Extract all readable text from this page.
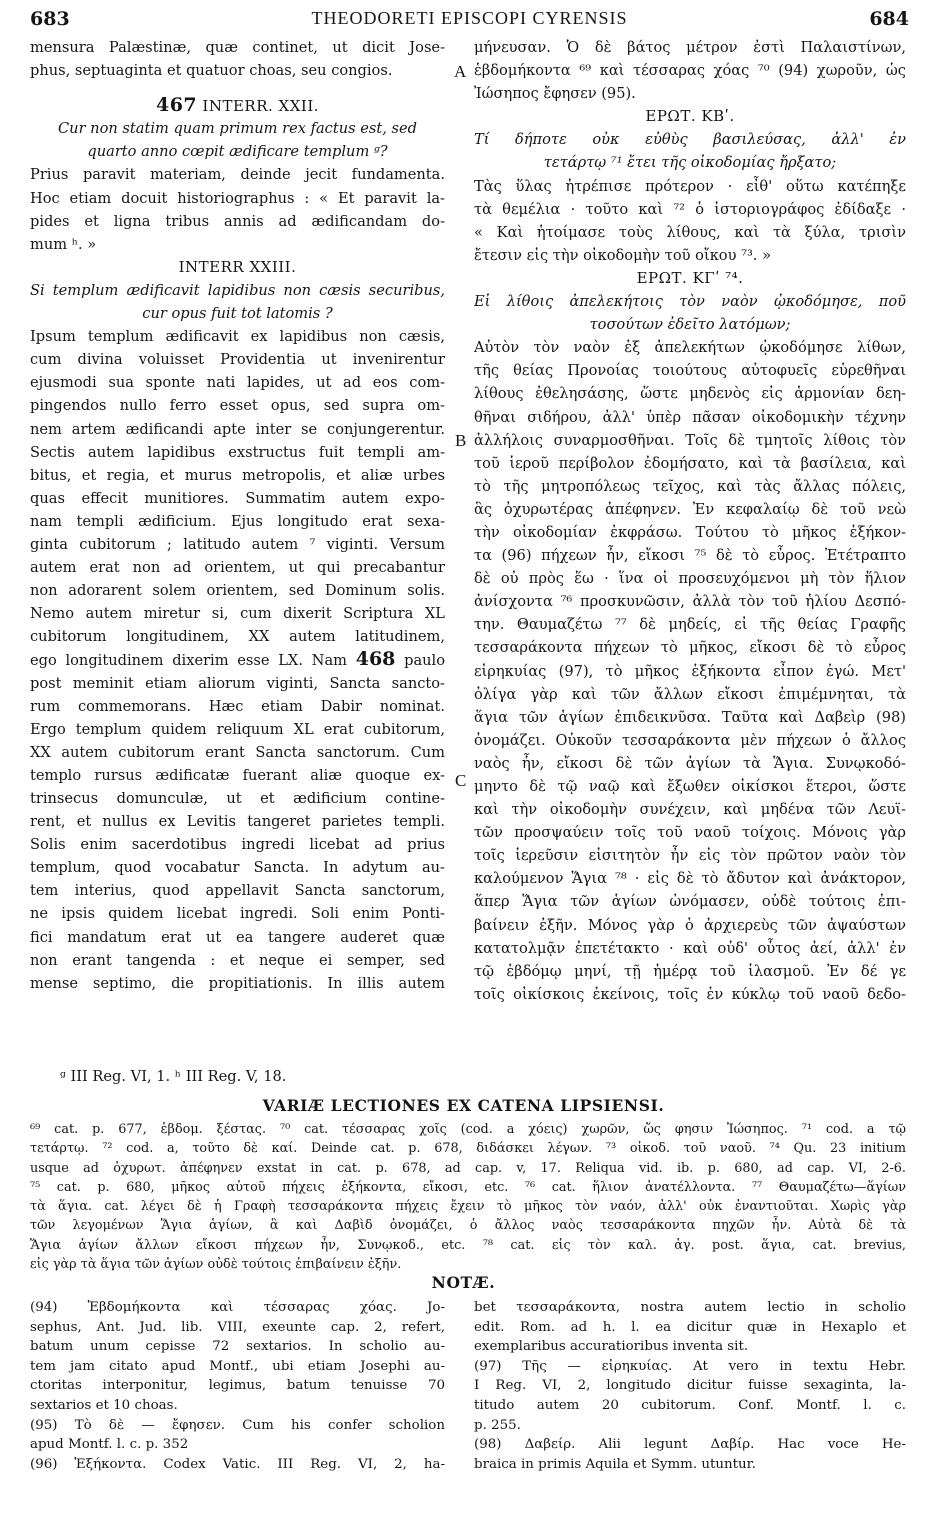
683	THEODORETI EPISCOPI CYRENSIS	684
mensura Palæstinæ, quæ continet, ut dicit Jose-
phus, septuaginta et quatuor choas, seu congios.
467 INTERR. XXII.
Cur non statim quam primum rex factus est, sed
quarto anno cœpit ædificare templum ᵍ?
Prius paravit materiam, deinde jecit fundamenta.
Hoc etiam docuit historiographus : « Et paravit la-
pides et ligna tribus annis ad ædificandam do-
mum ʰ. »
INTERR XXIII.
Si templum ædificavit lapidibus non cæsis securibus,
cur opus fuit tot latomis ?
Ipsum templum ædificavit ex lapidibus non cæsis,
cum divina voluisset Providentia ut invenirentur
ejusmodi sua sponte nati lapides, ut ad eos com-
pingendos nullo ferro esset opus, sed supra om-
nem artem ædificandi apte inter se conjungerentur.
Sectis autem lapidibus exstructus fuit templi am-
bitus, et regia, et murus metropolis, et aliæ urbes
quas effecit munitiores. Summatim autem expo-
nam templi ædificium. Ejus longitudo erat sexa-
ginta cubitorum ; latitudo autem ⁷ viginti. Versum
autem erat non ad orientem, ut qui precabantur
non adorarent solem orientem, sed Dominum solis.
Nemo autem miretur si, cum dixerit Scriptura XL
cubitorum longitudinem, XX autem latitudinem,
ego longitudinem dixerim esse LX. Nam 468 paulo
post meminit etiam aliorum viginti, Sancta sancto-
rum commemorans. Hæc etiam Dabir nominat.
Ergo templum quidem reliquum XL erat cubitorum,
XX autem cubitorum erant Sancta sanctorum. Cum
templo rursus ædificatæ fuerant aliæ quoque ex-
trinsecus domunculæ, ut et ædificium contine-
rent, et nullus ex Levitis tangeret parietes templi.
Solis enim sacerdotibus ingredi licebat ad prius
templum, quod vocabatur Sancta. In adytum au-
tem interius, quod appellavit Sancta sanctorum,
ne ipsis quidem licebat ingredi. Soli enim Ponti-
fici mandatum erat ut ea tangere auderet quæ
non erant tangenda : et neque ei semper, sed
mense septimo, die propitiationis. In illis autem
μήνευσαν. Ὁ δὲ βάτος μέτρον ἐστὶ Παλαιστίνων,
ἑβδομήκοντα ⁶⁹ καὶ τέσσαρας χόας ⁷⁰ (94) χωροῦν, ὡς
Ἰώσηπος ἔφησεν (95).
ΕΡΩΤ. ΚΒʹ.
Τί δήποτε οὐκ εὐθὺς βασιλεύσας, ἀλλ' ἐν
τετάρτῳ ⁷¹ ἔτει τῆς οἰκοδομίας ἤρξατο;
Τὰς ὕλας ἡτρέπισε πρότερον · εἶθ' οὕτω κατέπηξε
τὰ θεμέλια · τοῦτο καὶ ⁷² ὁ ἱστοριογράφος ἐδίδαξε ·
« Καὶ ἡτοίμασε τοὺς λίθους, καὶ τὰ ξύλα, τρισὶν
ἔτεσιν εἰς τὴν οἰκοδομὴν τοῦ οἴκου ⁷³. »
ΕΡΩΤ. ΚΓʹ ⁷⁴.
Εἰ λίθοις ἀπελεκήτοις τὸν ναὸν ᾠκοδόμησε, ποῦ
τοσούτων ἐδεῖτο λατόμων;
Αὐτὸν τὸν ναὸν ἐξ ἀπελεκήτων ᾠκοδόμησε λίθων,
τῆς θείας Προνοίας τοιούτους αὐτοφυεῖς εὑρεθῆναι
λίθους ἐθελησάσης, ὥστε μηδενὸς εἰς ἁρμονίαν δεη-
θῆναι σιδήρου, ἀλλ' ὑπὲρ πᾶσαν οἰκοδομικὴν τέχνην
ἀλλήλοις συναρμοσθῆναι. Τοῖς δὲ τμητοῖς λίθοις τὸν
τοῦ ἱεροῦ περίβολον ἐδομήσατο, καὶ τὰ βασίλεια, καὶ
τὸ τῆς μητροπόλεως τεῖχος, καὶ τὰς ἄλλας πόλεις,
ἃς ὀχυρωτέρας ἀπέφηνεν. Ἐν κεφαλαίῳ δὲ τοῦ νεὼ
τὴν οἰκοδομίαν ἐκφράσω. Τούτου τὸ μῆκος ἑξήκον-
τα (96) πήχεων ἦν, εἴκοσι ⁷⁵ δὲ τὸ εὖρος. Ἐτέτραπτο
δὲ οὐ πρὸς ἕω · ἵνα οἱ προσευχόμενοι μὴ τὸν ἥλιον
ἀνίσχοντα ⁷⁶ προσκυνῶσιν, ἀλλὰ τὸν τοῦ ἡλίου Δεσπό-
την. Θαυμαζέτω ⁷⁷ δὲ μηδείς, εἰ τῆς θείας Γραφῆς
τεσσαράκοντα πήχεων τὸ μῆκος, εἴκοσι δὲ τὸ εὖρος
εἰρηκυίας (97), τὸ μῆκος ἑξήκοντα εἶπον ἐγώ. Μετ'
ὀλίγα γὰρ καὶ τῶν ἄλλων εἴκοσι ἐπιμέμνηται, τὰ
ἅγια τῶν ἁγίων ἐπιδεικνῦσα. Ταῦτα καὶ Δαβεὶρ (98)
ὀνομάζει. Οὐκοῦν τεσσαράκοντα μὲν πήχεων ὁ ἄλλος
ναὸς ἦν, εἴκοσι δὲ τῶν ἁγίων τὰ Ἅγια. Συνῳκοδό-
μηντο δὲ τῷ ναῷ καὶ ἔξωθεν οἰκίσκοι ἕτεροι, ὥστε
καὶ τὴν οἰκοδομὴν συνέχειν, καὶ μηδένα τῶν Λευϊ-
τῶν προσψαύειν τοῖς τοῦ ναοῦ τοίχοις. Μόνοις γὰρ
τοῖς ἱερεῦσιν εἰσιτητὸν ἦν εἰς τὸν πρῶτον ναὸν τὸν
καλούμενον Ἅγια ⁷⁸ · εἰς δὲ τὸ ἄδυτον καὶ ἀνάκτορον,
ἅπερ Ἅγια τῶν ἁγίων ὠνόμασεν, οὐδὲ τούτοις ἐπι-
βαίνειν ἐξῆν. Μόνος γὰρ ὁ ἀρχιερεὺς τῶν ἀψαύστων
κατατολμᾷν ἐπετέτακτο · καὶ οὐδ' οὗτος ἀεί, ἀλλ' ἐν
τῷ ἑβδόμῳ μηνί, τῇ ἡμέρᾳ τοῦ ἱλασμοῦ. Ἐν δέ γε
τοῖς οἰκίσκοις ἐκείνοις, τοῖς ἐν κύκλῳ τοῦ ναοῦ δεδο-
A
B
C
ᵍ III Reg. VI, 1. ʰ III Reg. V, 18.
VARIÆ LECTIONES EX CATENA LIPSIENSI.
⁶⁹ cat. p. 677, ἑβδομ. ξέστας. ⁷⁰ cat. τέσσαρας χοῖς (cod. a χόεις) χωρῶν, ὥς φησιν Ἰώσηπος. ⁷¹ cod. a τῷ
τετάρτῳ. ⁷² cod. a, τοῦτο δὲ καί. Deinde cat. p. 678, διδάσκει λέγων. ⁷³ οἰκοδ. τοῦ ναοῦ. ⁷⁴ Qu. 23 initium
usque ad ὀχυρωτ. ἀπέφηνεν exstat in cat. p. 678, ad cap. v, 17. Reliqua vid. ib. p. 680, ad cap. VI, 2-6.
⁷⁵ cat. p. 680, μῆκος αὐτοῦ πήχεις ἑξήκοντα, εἴκοσι, etc. ⁷⁶ cat. ἥλιον ἀνατέλλοντα. ⁷⁷ Θαυμαζέτω—ἅγίων
τὰ ἅγια. cat. λέγει δὲ ἡ Γραφὴ τεσσαράκοντα πήχεις ἔχειν τὸ μῆκος τὸν ναόν, ἀλλ' οὐκ ἐναντιοῦται. Χωρὶς γὰρ
τῶν λεγομένων Ἅγια ἁγίων, ἃ καὶ Δαβὶδ ὀνομάζει, ὁ ἄλλος ναὸς τεσσαράκοντα πηχῶν ἦν. Αὐτὰ δὲ τὰ
Ἅγια ἁγίων ἄλλων εἴκοσι πήχεων ἦν, Συνῳκοδ., etc. ⁷⁸ cat. εἰς τὸν καλ. ἁγ. post. ἅγια, cat. brevius,
εἰς γὰρ τὰ ἅγια τῶν ἁγίων οὐδὲ τούτοις ἐπιβαίνειν ἐξῆν.
NOTÆ.
(94) Ἑβδομήκοντα καὶ τέσσαρας χόας. Jo-
sephus, Ant. Jud. lib. VIII, exeunte cap. 2, refert,
batum unum cepisse 72 sextarios. In scholio au-
tem jam citato apud Montf., ubi etiam Josephi au-
ctoritas interponitur, legimus, batum tenuisse 70
sextarios et 10 choas.
(95) Τὸ δὲ — ἔφησεν. Cum his confer scholion
apud Montf. l. c. p. 352
(96) Ἑξήκοντα. Codex Vatic. III Reg. VI, 2, ha-
bet τεσσαράκοντα, nostra autem lectio in scholio
edit. Rom. ad h. l. ea dicitur quæ in Hexaplo et
exemplaribus accuratioribus inventa sit.
(97) Τῆς — εἰρηκυίας. At vero in textu Hebr.
I Reg. VI, 2, longitudo dicitur fuisse sexaginta, la-
titudo autem 20 cubitorum. Conf. Montf. l. c.
p. 255.
(98) Δαβείρ. Alii legunt Δαβίρ. Hac voce He-
braica in primis Aquila et Symm. utuntur.
